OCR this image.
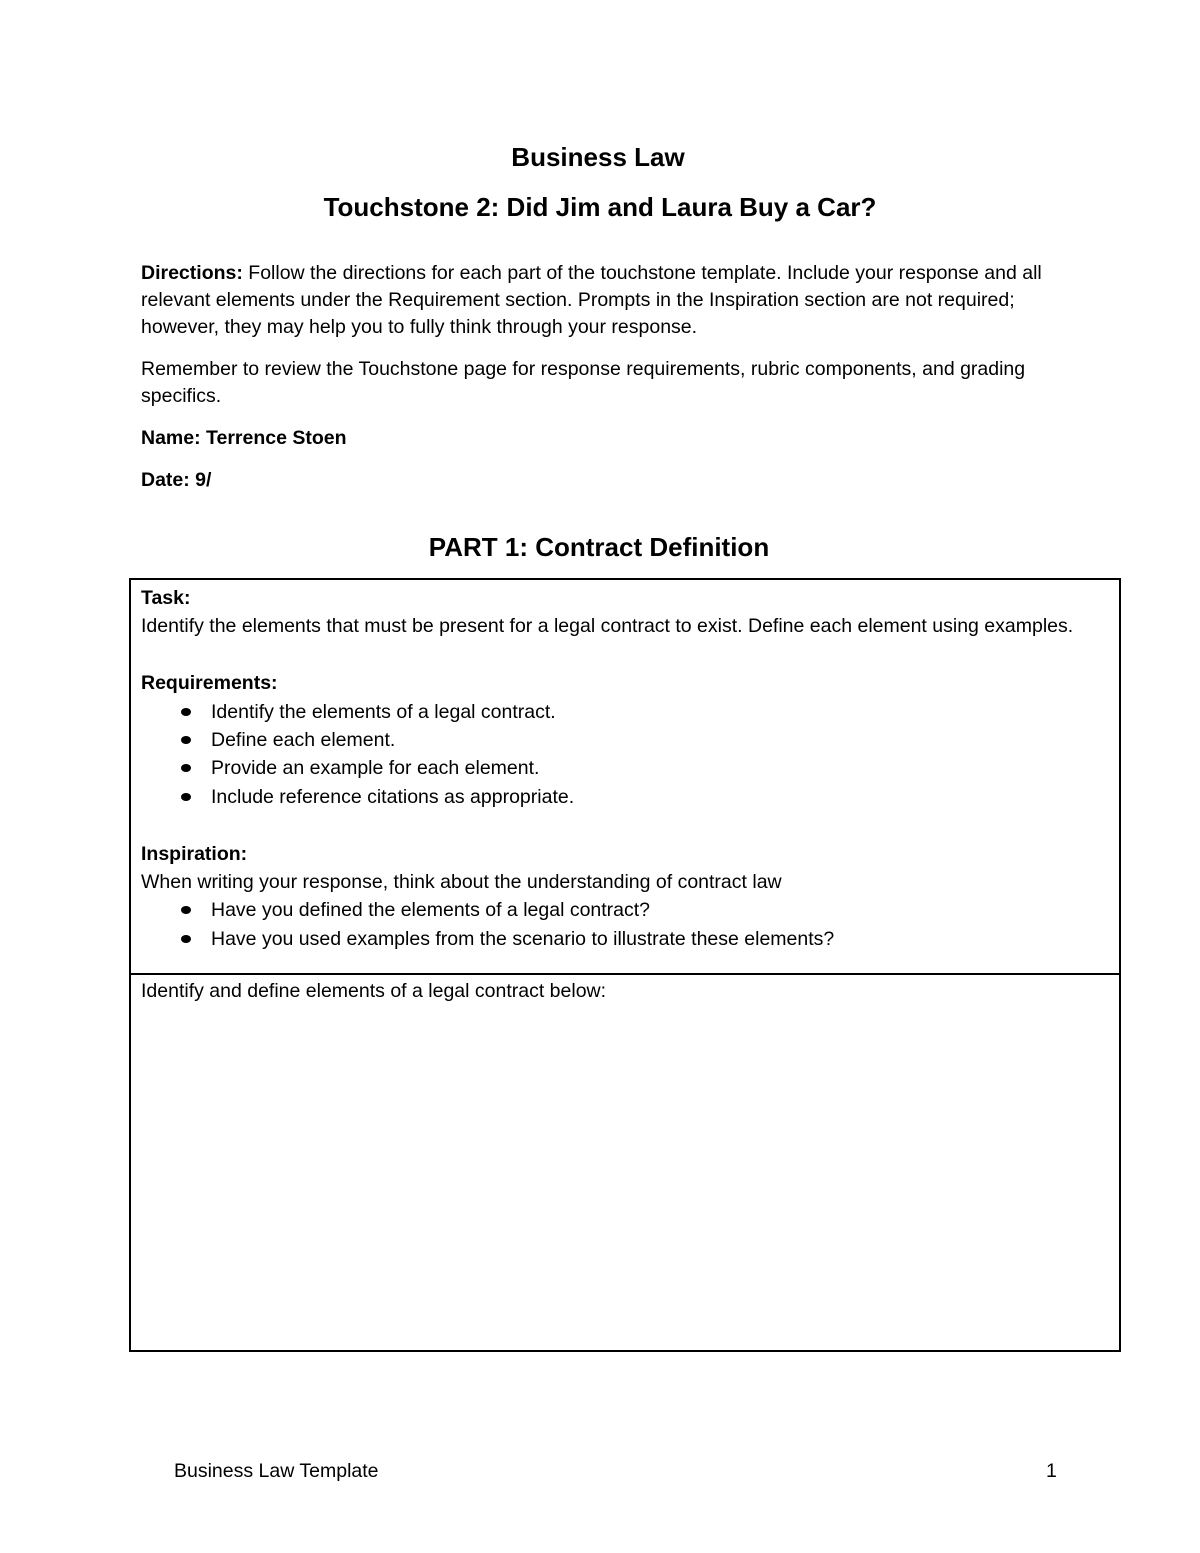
Business Law
Touchstone 2: Did Jim and Laura Buy a Car?

Directions: Follow the directions for each part of the touchstone template. Include your response and all relevant elements under the Requirement section. Prompts in the Inspiration section are not required; however, they may help you to fully think through your response.

Remember to review the Touchstone page for response requirements, rubric components, and grading specifics.

Name: Terrence Stoen

Date: 9/

PART 1: Contract Definition

Task:

Identify the elements that must be present for a legal contract to exist. Define each element using examples.

Requirements:

Identify the elements of a legal contract.
Define each element.
Provide an example for each element.
Include reference citations as appropriate.

Inspiration:

When writing your response, think about the understanding of contract law

Have you defined the elements of a legal contract?
Have you used examples from the scenario to illustrate these elements?

Identify and define elements of a legal contract below:

Business Law Template	1
